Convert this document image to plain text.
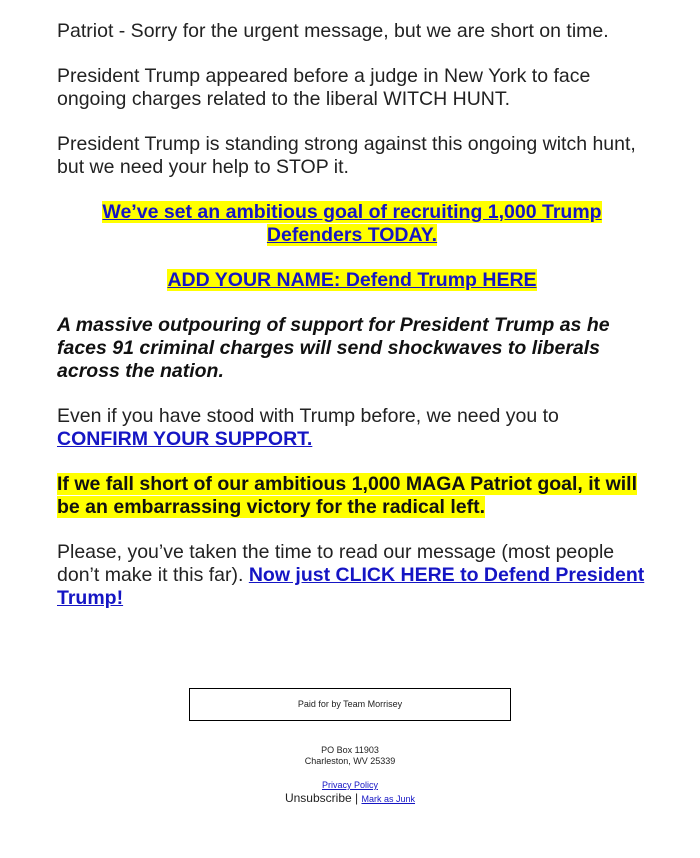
Patriot - Sorry for the urgent message, but we are short on time.

President Trump appeared before a judge in New York to face ongoing charges related to the liberal WITCH HUNT.

President Trump is standing strong against this ongoing witch hunt, but we need your help to STOP it.

We’ve set an ambitious goal of recruiting 1,000 Trump Defenders TODAY.

ADD YOUR NAME: Defend Trump HERE

A massive outpouring of support for President Trump as he faces 91 criminal charges will send shockwaves to liberals across the nation.

Even if you have stood with Trump before, we need you to
CONFIRM YOUR SUPPORT.

If we fall short of our ambitious 1,000 MAGA Patriot goal, it will be an embarrassing victory for the radical left.

Please, you’ve taken the time to read our message (most people don’t make it this far). Now just CLICK HERE to Defend President Trump!

Paid for by Team Morrisey
PO Box 11903
Charleston, WV 25339
Privacy Policy
Unsubscribe | Mark as Junk
